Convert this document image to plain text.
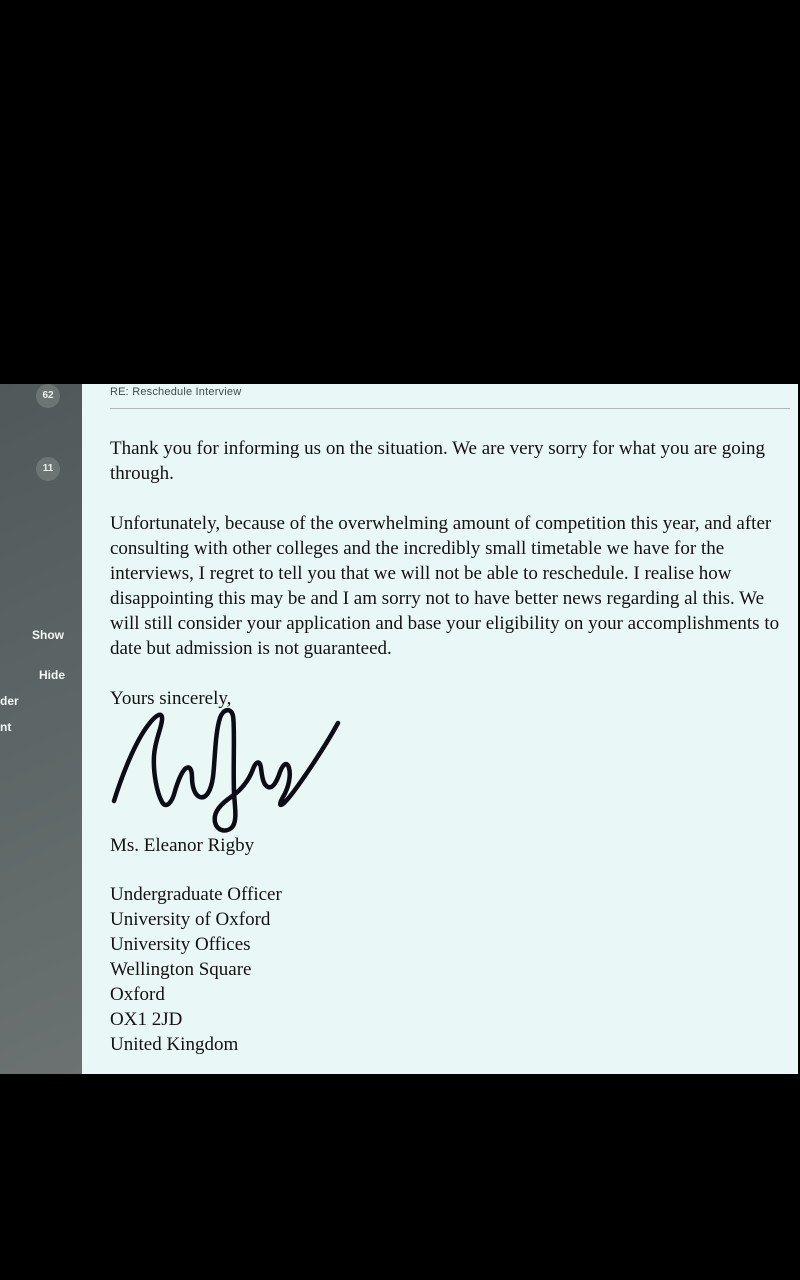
62
11
Show
Hide
der
nt
RE: Reschedule Interview

Thank you for informing us on the situation. We are very sorry for what you are going through.

Unfortunately, because of the overwhelming amount of competition this year, and after consulting with other colleges and the incredibly small timetable we have for the interviews, I regret to tell you that we will not be able to reschedule. I realise how disappointing this may be and I am sorry not to have better news regarding al this. We will still consider your application and base your eligibility on your accomplishments to date but admission is not guaranteed.

Yours sincerely,

Ms. Eleanor Rigby

Undergraduate Officer
University of Oxford
University Offices
Wellington Square
Oxford
OX1 2JD
United Kingdom
